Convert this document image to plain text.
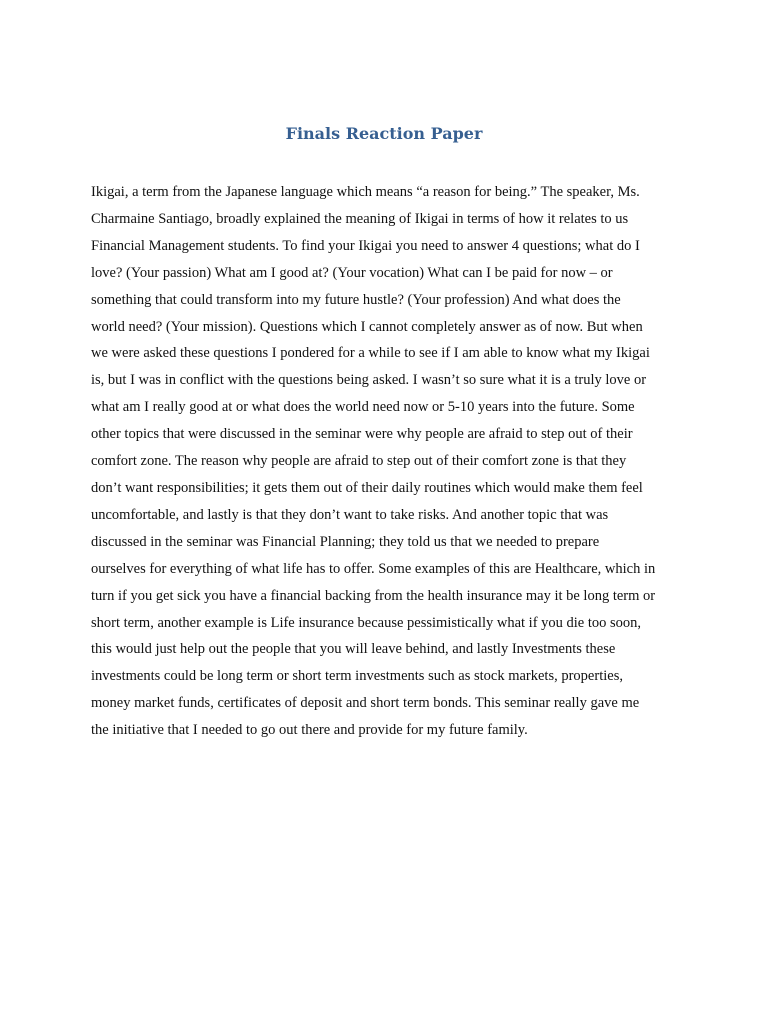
Finals Reaction Paper
Ikigai, a term from the Japanese language which means “a reason for being.” The speaker, Ms.
Charmaine Santiago, broadly explained the meaning of Ikigai in terms of how it relates to us
Financial Management students. To find your Ikigai you need to answer 4 questions; what do I
love? (Your passion) What am I good at? (Your vocation) What can I be paid for now – or
something that could transform into my future hustle? (Your profession) And what does the
world need? (Your mission). Questions which I cannot completely answer as of now. But when
we were asked these questions I pondered for a while to see if I am able to know what my Ikigai
is, but I was in conflict with the questions being asked. I wasn’t so sure what it is a truly love or
what am I really good at or what does the world need now or 5-10 years into the future. Some
other topics that were discussed in the seminar were why people are afraid to step out of their
comfort zone. The reason why people are afraid to step out of their comfort zone is that they
don’t want responsibilities; it gets them out of their daily routines which would make them feel
uncomfortable, and lastly is that they don’t want to take risks. And another topic that was
discussed in the seminar was Financial Planning; they told us that we needed to prepare
ourselves for everything of what life has to offer. Some examples of this are Healthcare, which in
turn if you get sick you have a financial backing from the health insurance may it be long term or
short term, another example is Life insurance because pessimistically what if you die too soon,
this would just help out the people that you will leave behind, and lastly Investments these
investments could be long term or short term investments such as stock markets, properties,
money market funds, certificates of deposit and short term bonds. This seminar really gave me
the initiative that I needed to go out there and provide for my future family.
